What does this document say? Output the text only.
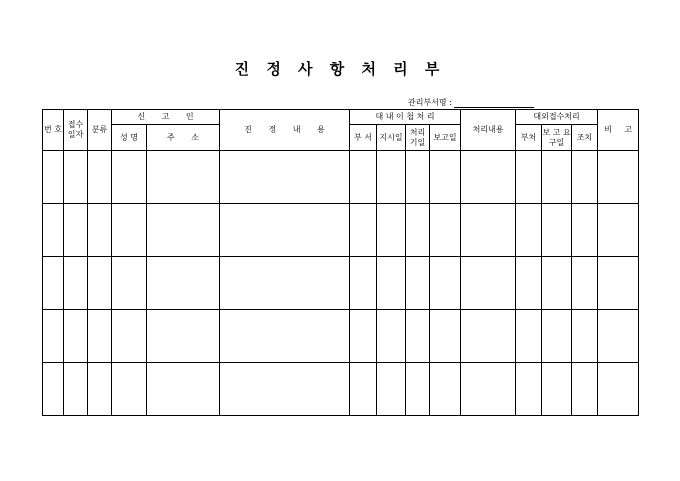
진 정 사 항 처 리 부
관리부서명 :
번 호	접수 일자	분류	신 고 인		진 정 내 용	대 내 이 첩 처 리				처리내용	대외접수처리			비 고
			성 명	주 소		부 서	지시일	처리 기일	보고일		부처	보 고 요구일	조치	
